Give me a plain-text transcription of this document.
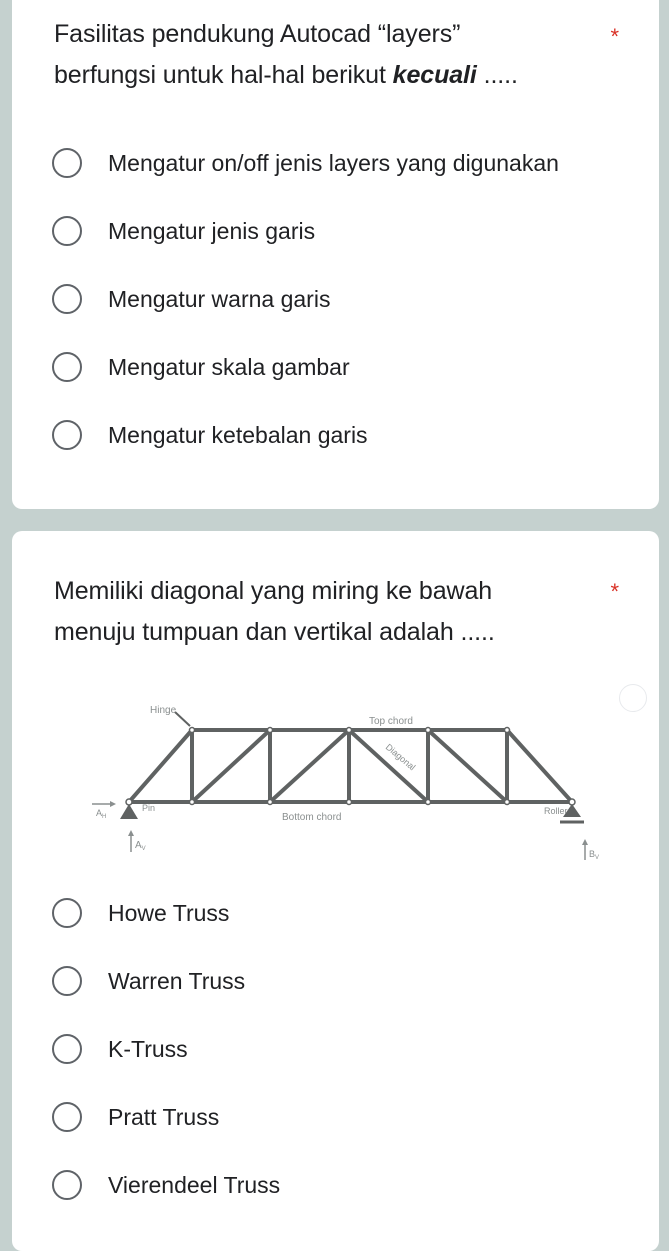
Fasilitas pendukung Autocad “layers” berfungsi untuk hal-hal berikut kecuali .....
*
Mengatur on/off jenis layers yang digunakan
Mengatur jenis garis
Mengatur warna garis
Mengatur skala gambar
Mengatur ketebalan garis
Memiliki diagonal yang miring ke bawah menuju tumpuan dan vertikal adalah .....
*
Hinge
Top chord
Diagonal
Pin
Bottom chord
Roller
$A_H$
$A_V$	$B_V$
Howe Truss
Warren Truss
K-Truss
Pratt Truss
Vierendeel Truss
